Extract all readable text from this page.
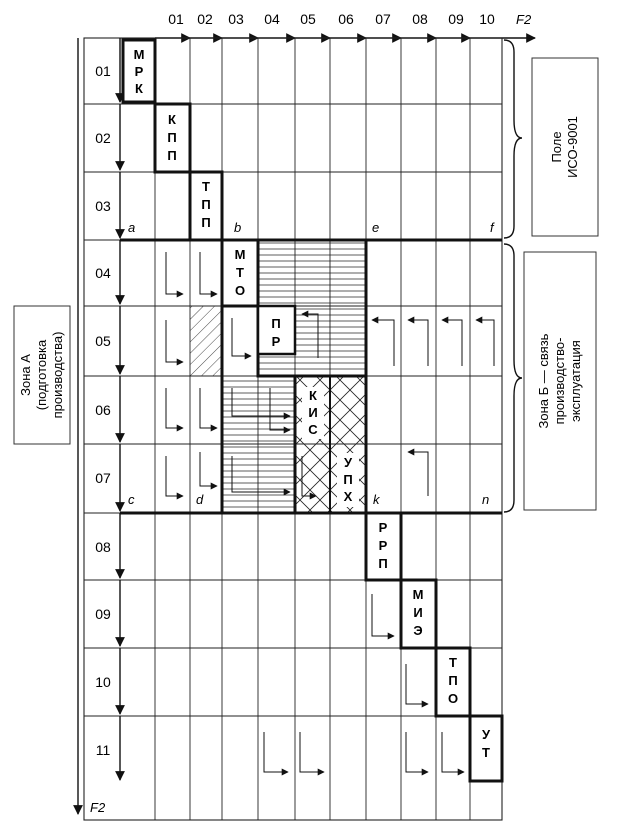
01 02 03 04 05 06 07 08 09 10 F2
F2
01
02
03
04
05
06
07
08
09
10
11
М
Р
К
К
П
П
Т
П
П
М
Т
О
П
Р
К
И
С
У
П
Х
Р
Р
П
М
И
Э
Т
П
О
У
Т
a	b	e	f
c	d	k	n
Поле ИСО-9001
Зона Б — связь производство- эксплуатация
Зона А (подготовка производства)
